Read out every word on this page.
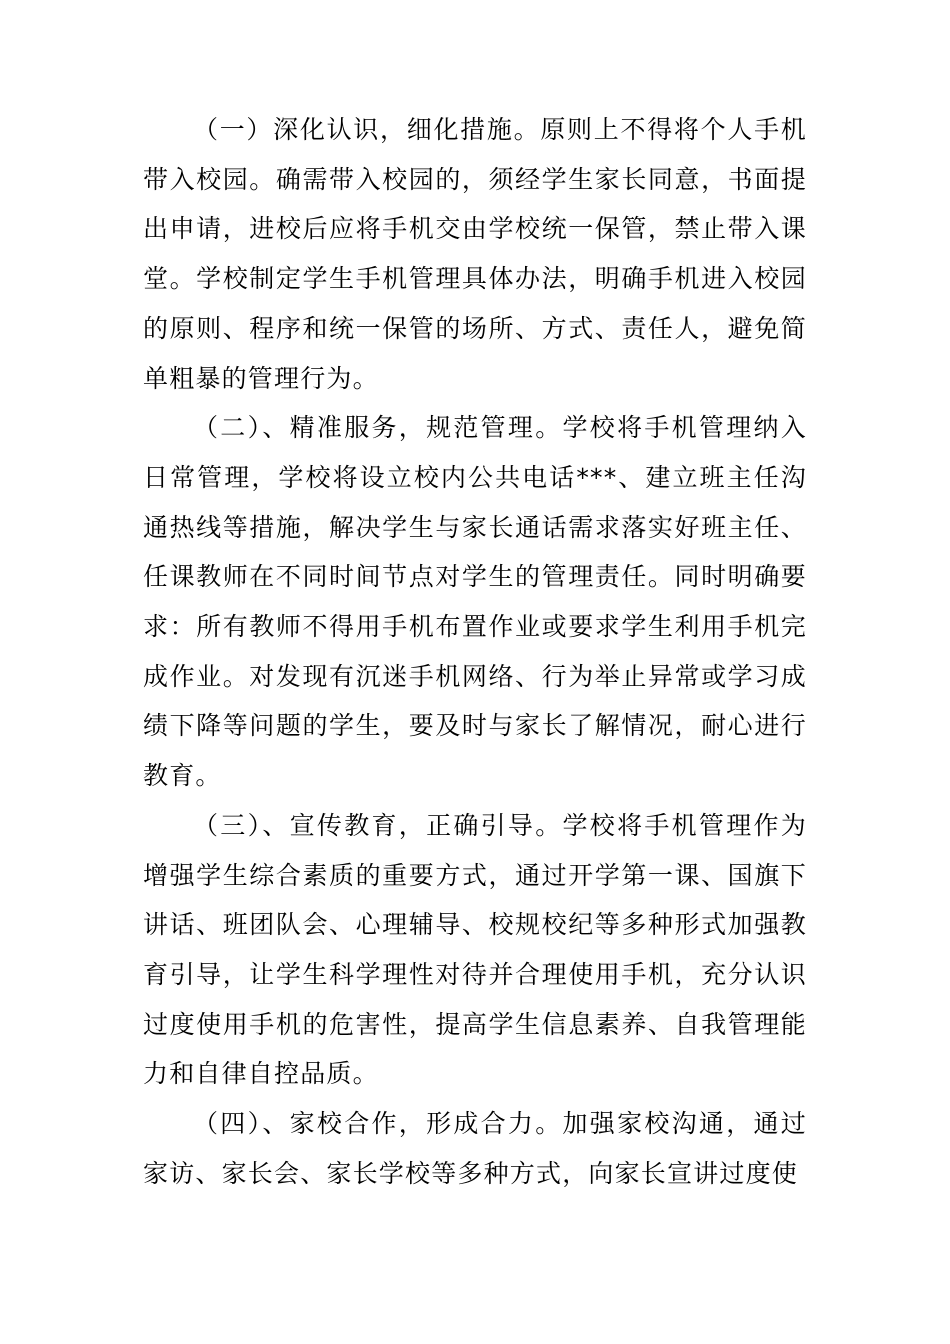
（一）深化认识，细化措施。原则上不得将个人手机带入校园。确需带入校园的，须经学生家长同意，书面提出申请，进校后应将手机交由学校统一保管，禁止带入课堂。学校制定学生手机管理具体办法，明确手机进入校园的原则、程序和统一保管的场所、方式、责任人，避免简单粗暴的管理行为。

（二）、精准服务，规范管理。学校将手机管理纳入日常管理，学校将设立校内公共电话***、建立班主任沟通热线等措施，解决学生与家长通话需求落实好班主任、任课教师在不同时间节点对学生的管理责任。同时明确要求：所有教师不得用手机布置作业或要求学生利用手机完成作业。对发现有沉迷手机网络、行为举止异常或学习成绩下降等问题的学生，要及时与家长了解情况，耐心进行教育。

（三）、宣传教育，正确引导。学校将手机管理作为增强学生综合素质的重要方式，通过开学第一课、国旗下讲话、班团队会、心理辅导、校规校纪等多种形式加强教育引导，让学生科学理性对待并合理使用手机，充分认识过度使用手机的危害性，提高学生信息素养、自我管理能力和自律自控品质。

（四）、家校合作，形成合力。加强家校沟通，通过家访、家长会、家长学校等多种方式，向家长宣讲过度使
